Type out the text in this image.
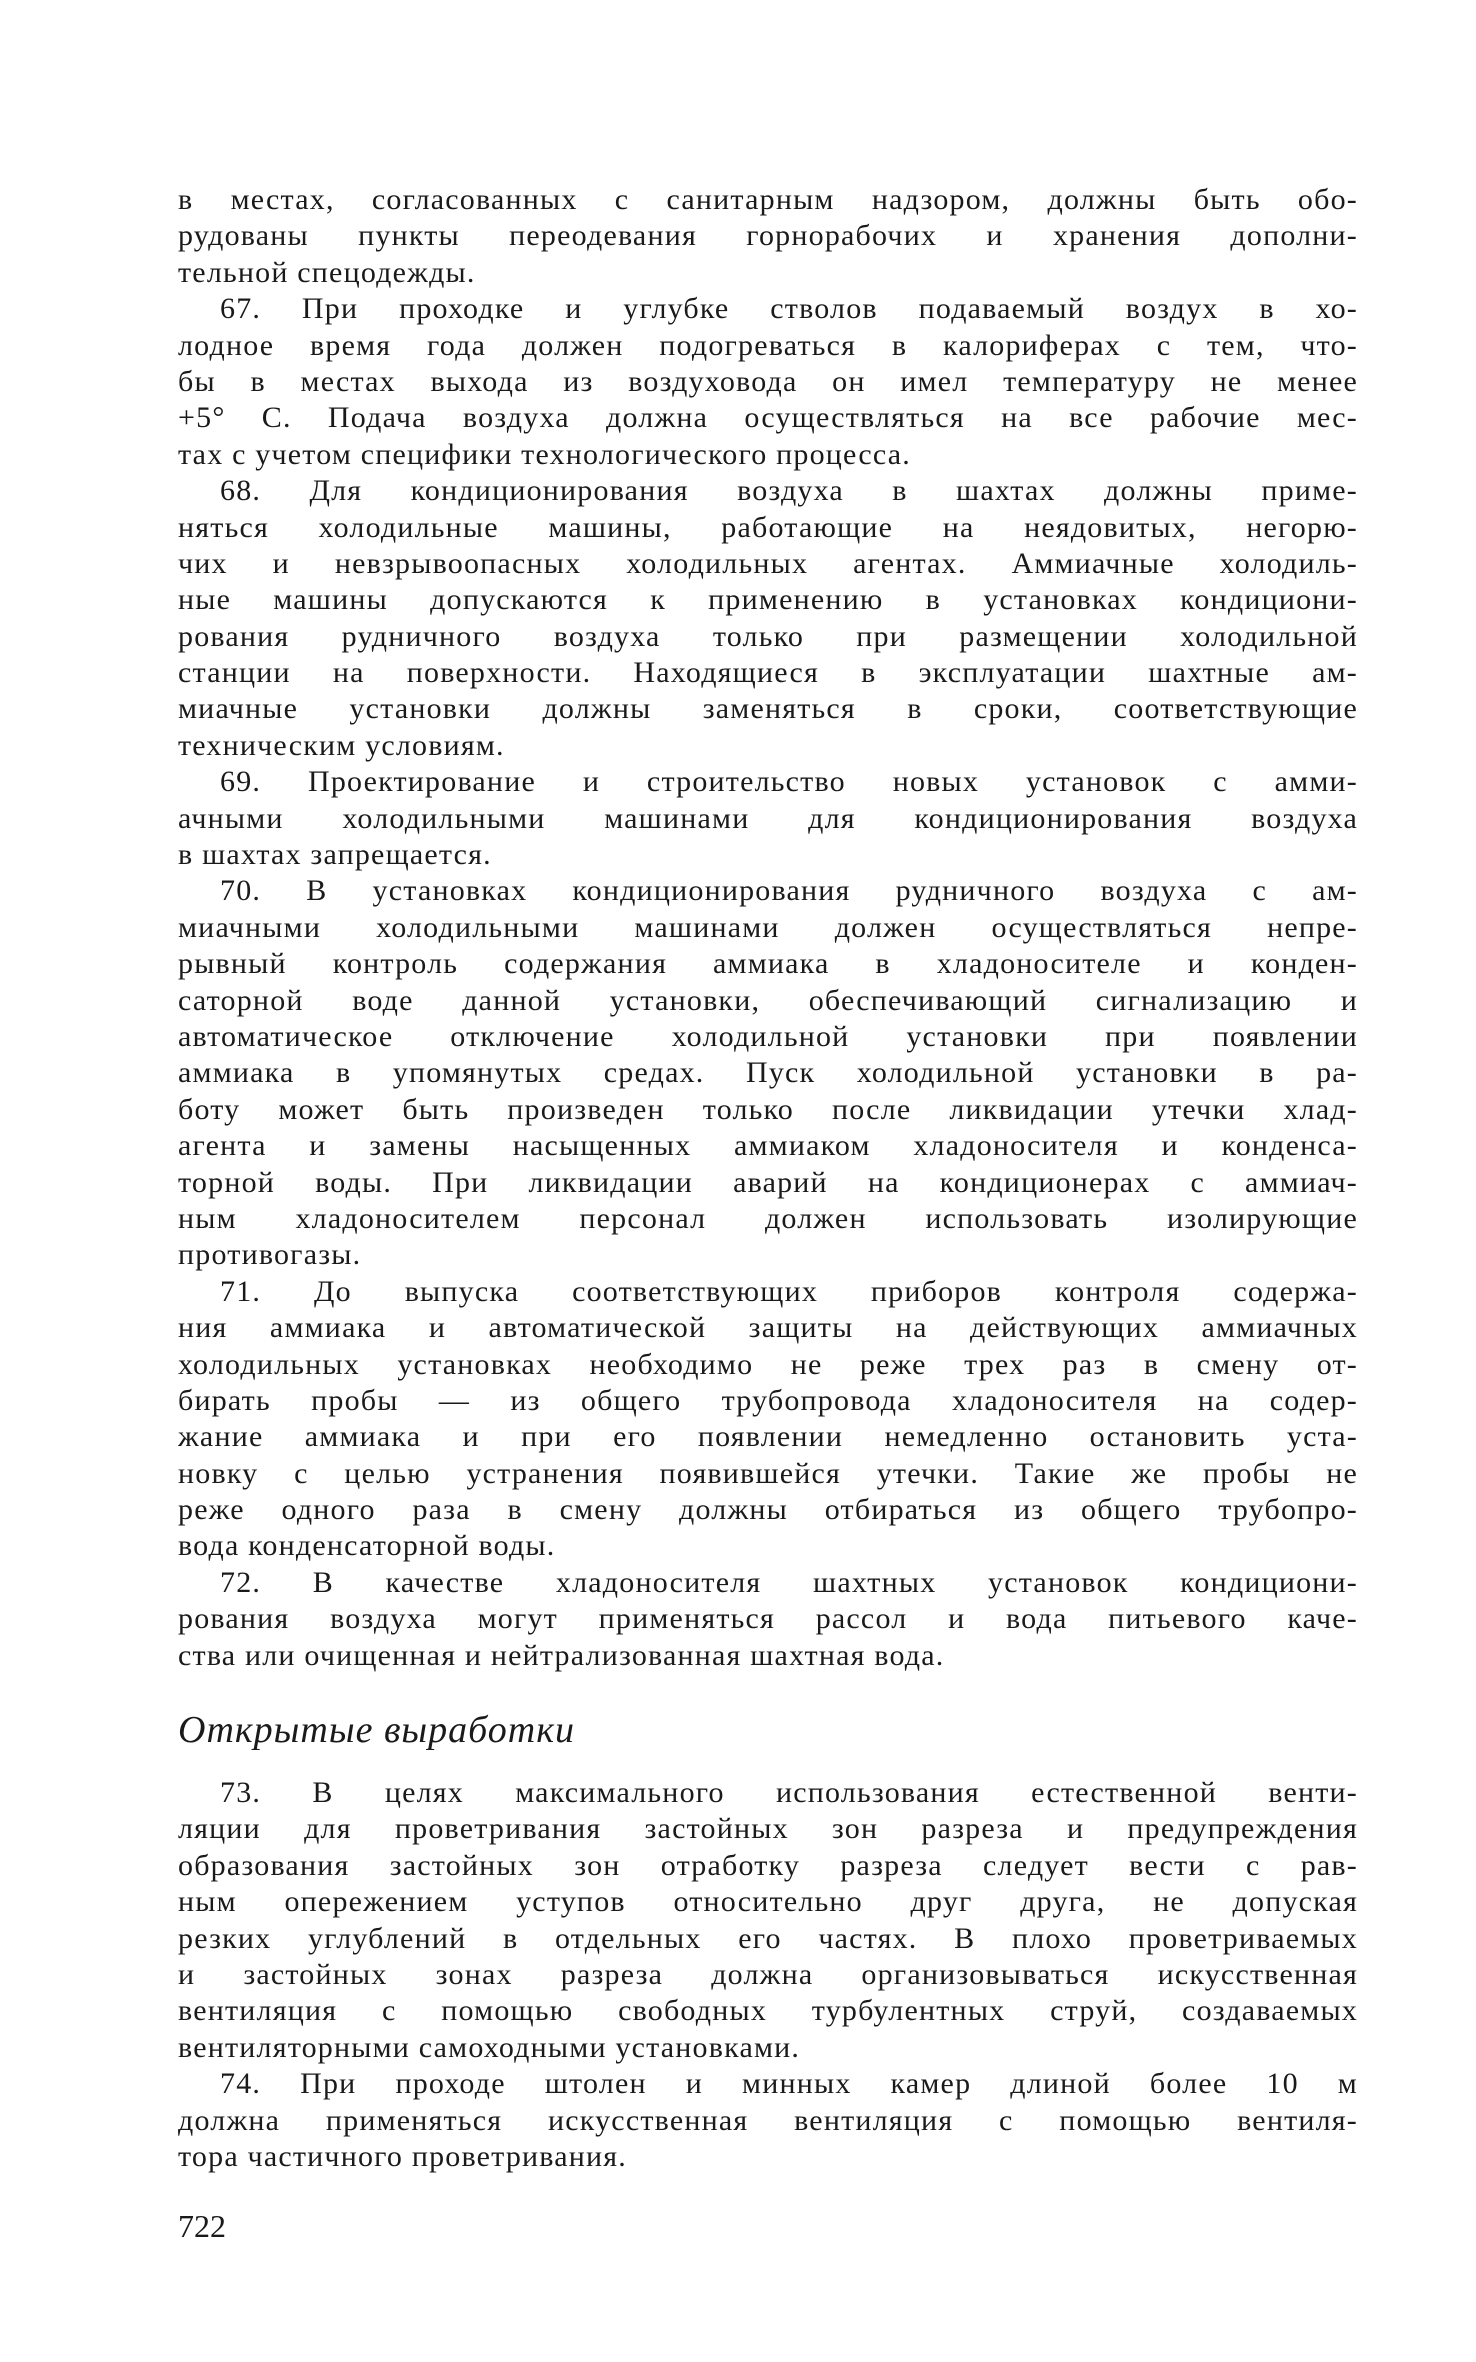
в местах, согласованных с санитарным надзором, должны быть обо-
рудованы пункты переодевания горнорабочих и хранения дополни-
тельной спецодежды.
67. При проходке и углубке стволов подаваемый воздух в хо-
лодное время года должен подогреваться в калориферах с тем, что-
бы в местах выхода из воздуховода он имел температуру не менее
+5° С. Подача воздуха должна осуществляться на все рабочие мес-
тах с учетом специфики технологического процесса.
68. Для кондиционирования воздуха в шахтах должны приме-
няться холодильные машины, работающие на неядовитых, негорю-
чих и невзрывоопасных холодильных агентах. Аммиачные холодиль-
ные машины допускаются к применению в установках кондициони-
рования рудничного воздуха только при размещении холодильной
станции на поверхности. Находящиеся в эксплуатации шахтные ам-
миачные установки должны заменяться в сроки, соответствующие
техническим условиям.
69. Проектирование и строительство новых установок с амми-
ачными холодильными машинами для кондиционирования воздуха
в шахтах запрещается.
70. В установках кондиционирования рудничного воздуха с ам-
миачными холодильными машинами должен осуществляться непре-
рывный контроль содержания аммиака в хладоносителе и конден-
саторной воде данной установки, обеспечивающий сигнализацию и
автоматическое отключение холодильной установки при появлении
аммиака в упомянутых средах. Пуск холодильной установки в ра-
боту может быть произведен только после ликвидации утечки хлад-
агента и замены насыщенных аммиаком хладоносителя и конденса-
торной воды. При ликвидации аварий на кондиционерах с аммиач-
ным хладоносителем персонал должен использовать изолирующие
противогазы.
71. До выпуска соответствующих приборов контроля содержа-
ния аммиака и автоматической защиты на действующих аммиачных
холодильных установках необходимо не реже трех раз в смену от-
бирать пробы — из общего трубопровода хладоносителя на содер-
жание аммиака и при его появлении немедленно остановить уста-
новку с целью устранения появившейся утечки. Такие же пробы не
реже одного раза в смену должны отбираться из общего трубопро-
вода конденсаторной воды.
72. В качестве хладоносителя шахтных установок кондициони-
рования воздуха могут применяться рассол и вода питьевого каче-
ства или очищенная и нейтрализованная шахтная вода.
Открытые выработки
73. В целях максимального использования естественной венти-
ляции для проветривания застойных зон разреза и предупреждения
образования застойных зон отработку разреза следует вести с рав-
ным опережением уступов относительно друг друга, не допуская
резких углублений в отдельных его частях. В плохо проветриваемых
и застойных зонах разреза должна организовываться искусственная
вентиляция с помощью свободных турбулентных струй, создаваемых
вентиляторными самоходными установками.
74. При проходе штолен и минных камер длиной более 10 м
должна применяться искусственная вентиляция с помощью вентиля-
тора частичного проветривания.
722
